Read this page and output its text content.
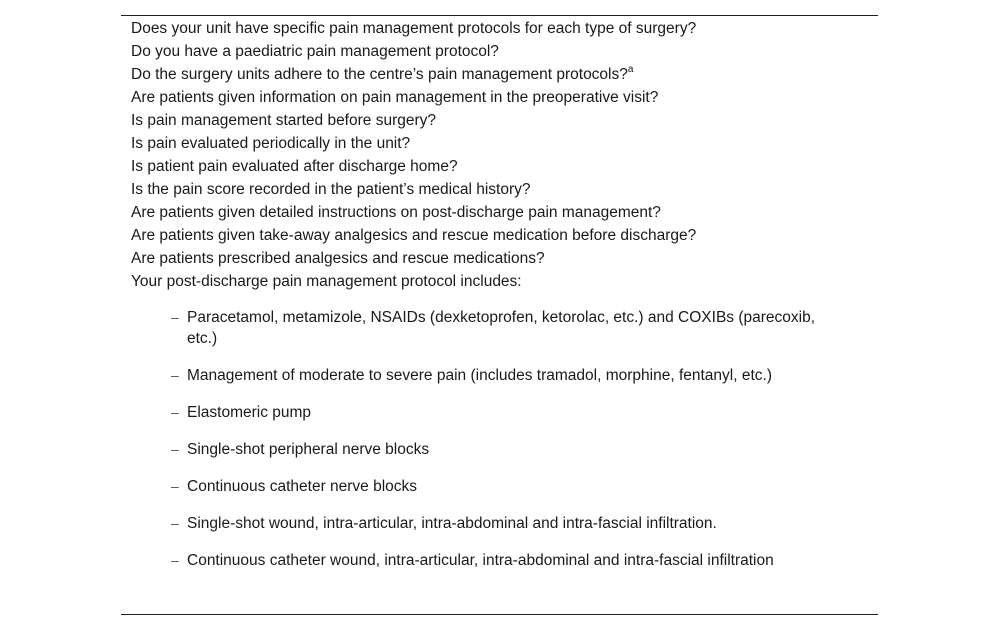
Does your unit have specific pain management protocols for each type of surgery?
Do you have a paediatric pain management protocol?
Do the surgery units adhere to the centre’s pain management protocols?$^a$
Are patients given information on pain management in the preoperative visit?
Is pain management started before surgery?
Is pain evaluated periodically in the unit?
Is patient pain evaluated after discharge home?
Is the pain score recorded in the patient’s medical history?
Are patients given detailed instructions on post-discharge pain management?
Are patients given take-away analgesics and rescue medication before discharge?
Are patients prescribed analgesics and rescue medications?
Your post-discharge pain management protocol includes:
– Paracetamol, metamizole, NSAIDs (dexketoprofen, ketorolac, etc.) and COXIBs (parecoxib, etc.)
– Management of moderate to severe pain (includes tramadol, morphine, fentanyl, etc.)
– Elastomeric pump
– Single-shot peripheral nerve blocks
– Continuous catheter nerve blocks
– Single-shot wound, intra-articular, intra-abdominal and intra-fascial infiltration.
– Continuous catheter wound, intra-articular, intra-abdominal and intra-fascial infiltration
